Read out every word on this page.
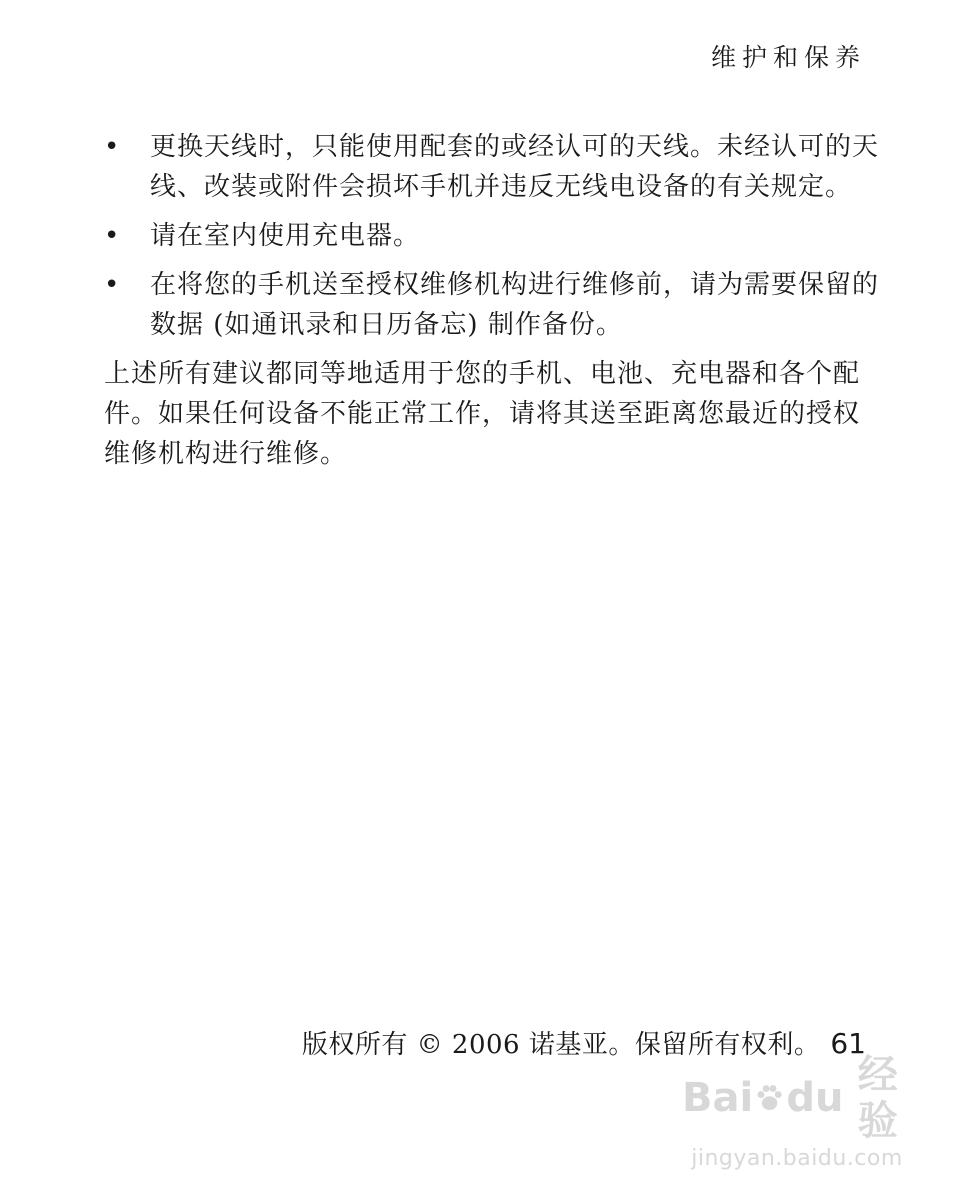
维护和保养
• 更换天线时，只能使用配套的或经认可的天线。未经认可的天线、改装或附件会损坏手机并违反无线电设备的有关规定。
• 请在室内使用充电器。
• 在将您的手机送至授权维修机构进行维修前，请为需要保留的数据 (如通讯录和日历备忘) 制作备份。

上述所有建议都同等地适用于您的手机、电池、充电器和各个配件。如果任何设备不能正常工作，请将其送至距离您最近的授权维修机构进行维修。

版权所有 © 2006 诺基亚。保留所有权利。 61
Bai du 经验
jingyan.baidu.com
